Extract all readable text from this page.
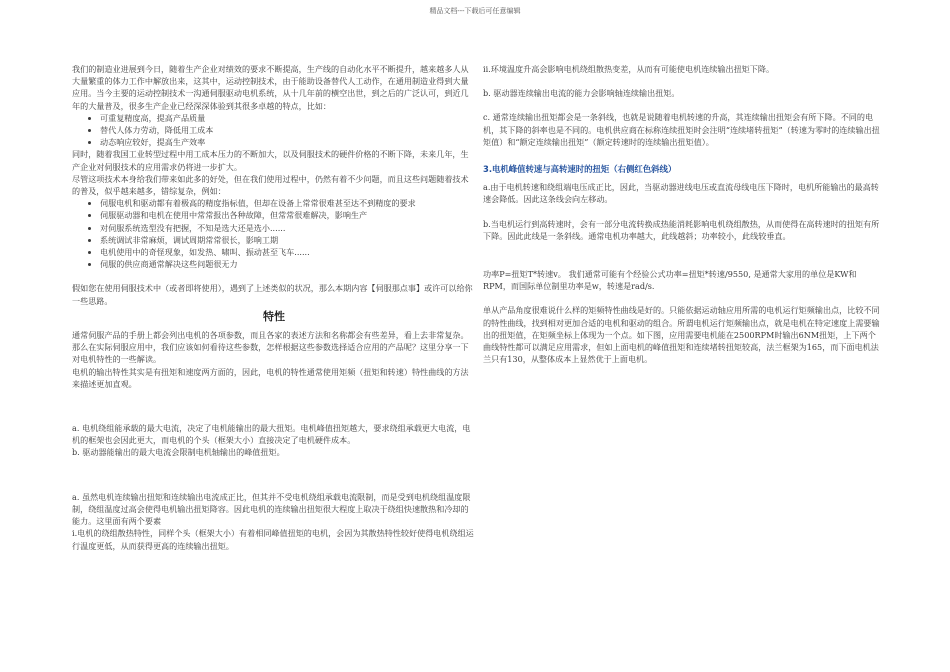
精品文档---下载后可任意编辑

我们的制造业进展到今日，随着生产企业对绩效的要求不断提高，生产线的自动化水平不断提升，越来越多人从大量繁重的体力工作中解放出来，这其中，运动控制技术，由于能助设备替代人工动作，在通用制造业得到大量应用。当今主要的运动控制技术一沟通伺服驱动电机系统，从十几年前的横空出世，到之后的广泛认可，到近几年的大量普及，很多生产企业已经深深体验到其很多卓越的特点，比如：

• 可重复精度高，提高产品质量
• 替代人体力劳动，降低用工成本
• 动态响应较好，提高生产效率

同时，随着我国工业转型过程中用工成本压力的不断加大，以及伺服技术的硬件价格的不断下降，未来几年，生产企业对伺服技术的应用需求仍将进一步扩大。

尽管这项技术本身给我们带来如此多的好处，但在我们使用过程中，仍然有着不少问题，而且这些问题随着技术的普及，似乎越来越多，错综复杂，例如：

• 伺服电机和驱动都有着极高的精度指标值，但却在设备上常常很难甚至达不到精度的要求
• 伺服驱动器和电机在使用中常常报出各种故障，但常常很难解决，影响生产
• 对伺服系统选型没有把握，不知是选大还是选小......
• 系统调试非常麻烦，调试周期常常很长，影响工期
• 电机使用中的奇怪现象，如发热、啸叫、振动甚至飞车......
• 伺服的供应商通常解决这些问题很无力

假如您在使用伺服技术中（或者即将使用），遇到了上述类似的状况，那么本期内容【伺服那点事】或许可以给你一些思路。

特性

通常伺服产品的手册上都会列出电机的各项参数，而且各家的表述方法和名称都会有些差异，看上去非常复杂。那么在实际伺服应用中，我们应该如何看待这些参数，怎样根据这些参数选择适合应用的产品呢？这里分享一下对电机特性的一些解读。

电机的输出特性其实是有扭矩和速度两方面的，因此，电机的特性通常使用矩频（扭矩和转速）特性曲线的方法来描述更加直观。

a. 电机绕组能承载的最大电流，决定了电机能输出的最大扭矩。电机峰值扭矩越大，要求绕组承载更大电流，电机的框架也会因此更大，而电机的个头（框架大小）直接决定了电机硬件成本。

b. 驱动器能输出的最大电流会限制电机轴输出的峰值扭矩。

a. 虽然电机连续输出扭矩和连续输出电流成正比，但其并不受电机绕组承载电流限制，而是受到电机绕组温度限制，绕组温度过高会使得电机输出扭矩降容。因此电机的连续输出扭矩很大程度上取决于绕组快速散热和冷却的能力。这里面有两个要素

i.电机的绕组散热特性，同样个头（框架大小）有着相同峰值扭矩的电机，会因为其散热特性较好使得电机绕组运行温度更低，从而获得更高的连续输出扭矩。

ii.环境温度升高会影响电机绕组散热变差，从而有可能使电机连续输出扭矩下降。

b. 驱动器连续输出电流的能力会影响轴连续输出扭矩。

c. 通常连续输出扭矩都会是一条斜线，也就是说随着电机转速的升高，其连续输出扭矩会有所下降。不同的电机，其下降的斜率也是不同的。电机供应商在标称连续扭矩时会注明“连续堵转扭矩”（转速为零时的连续输出扭矩值）和“额定连续输出扭矩”（额定转速时的连续输出扭矩值）。

3.电机峰值转速与高转速时的扭矩（右侧红色斜线）

a.由于电机转速和绕组端电压成正比，因此，当驱动器进线电压或直流母线电压下降时，电机所能输出的最高转速会降低。因此这条线会向左移动。

b.当电机运行到高转速时，会有一部分电流转换成热能消耗影响电机绕组散热，从而使得在高转速时的扭矩有所下降。因此此线是一条斜线。通常电机功率越大，此线越斜；功率较小，此线较垂直。

功率P=扭矩T*转速v。 我们通常可能有个经验公式功率=扭矩*转速/9550, 是通常大家用的单位是KW和RPM，而国际单位制里功率是w，转速是rad/s.

单从产品角度很难说什么样的矩频特性曲线是好的。只能依据运动轴应用所需的电机运行矩频输出点，比较不同的特性曲线，找到相对更加合适的电机和驱动的组合。所谓电机运行矩频输出点，就是电机在特定速度上需要输出的扭矩值，在矩频坐标上体现为一个点。如下图，应用需要电机能在2500RPM时输出6NM扭矩，上下两个曲线特性都可以满足应用需求，但如上面电机的峰值扭矩和连续堵转扭矩较高，法兰框架为165，而下面电机法兰只有130，从整体成本上显然优于上面电机。
